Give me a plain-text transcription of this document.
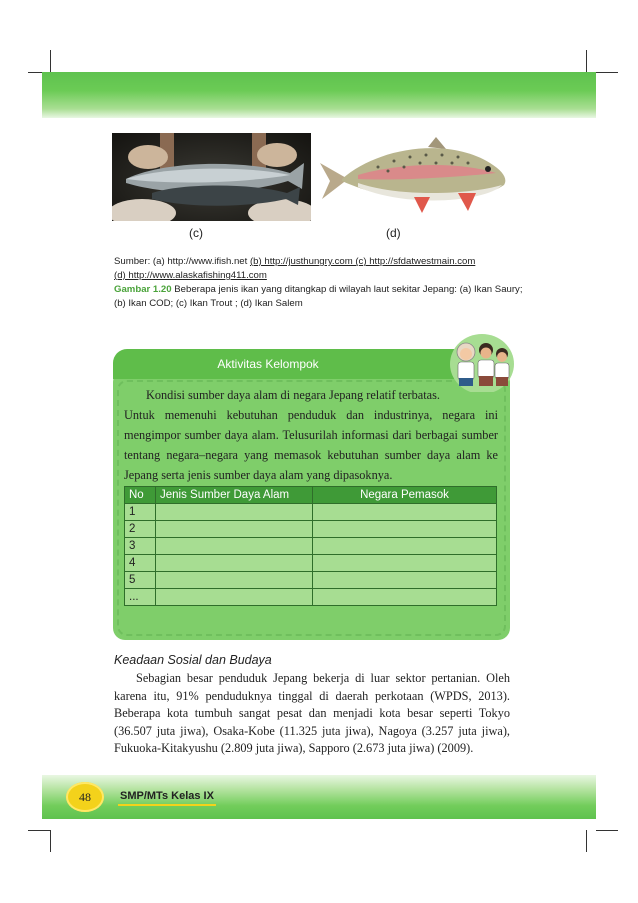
(c)	(d)
Sumber: (a) http://www.ifish.net (b) http://justhungry.com (c) http://sfdatwestmain.com
(d) http://www.alaskafishing411.com
Gambar 1.20 Beberapa jenis ikan yang ditangkap di wilayah laut sekitar Jepang: (a) Ikan Saury; (b) Ikan COD; (c) Ikan Trout ; (d) Ikan Salem
Aktivitas Kelompok

Kondisi sumber daya alam di negara Jepang relatif terbatas.

Untuk memenuhi kebutuhan penduduk dan industrinya, negara ini mengimpor sumber daya alam. Telusurilah informasi dari berbagai sumber tentang negara–negara yang memasok kebutuhan sumber daya alam ke Jepang serta jenis sumber daya alam yang dipasoknya.

No	Jenis Sumber Daya Alam	Negara Pemasok
1		
2		
3		
4		
5		
...		
Keadaan Sosial dan Budaya

Sebagian besar penduduk Jepang bekerja di luar sektor pertanian. Oleh karena itu, 91% penduduknya tinggal di daerah perkotaan (WPDS, 2013). Beberapa kota tumbuh sangat pesat dan menjadi kota besar seperti Tokyo (36.507 juta jiwa), Osaka-Kobe (11.325 juta jiwa), Nagoya (3.257 juta jiwa), Fukuoka-Kitakyushu (2.809 juta jiwa), Sapporo (2.673 juta jiwa) (2009).

48	SMP/MTs Kelas IX
